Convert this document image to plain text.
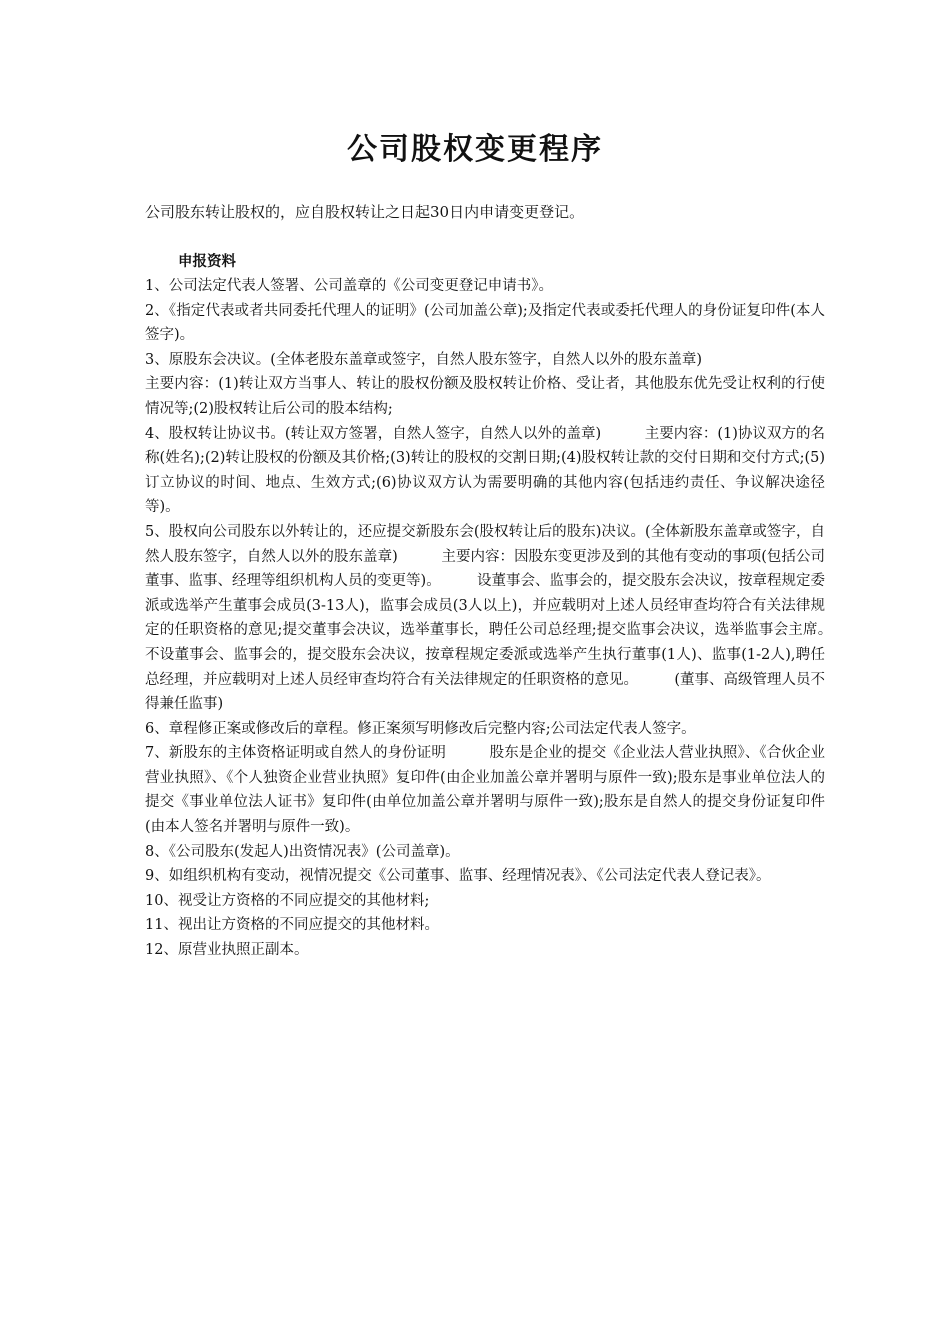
公司股权变更程序

公司股东转让股权的，应自股权转让之日起30日内申请变更登记。

申报资料

1、公司法定代表人签署、公司盖章的《公司变更登记申请书》。

2、《指定代表或者共同委托代理人的证明》(公司加盖公章);及指定代表或委托代理人的身份证复印件(本人签字)。

3、原股东会决议。(全体老股东盖章或签字，自然人股东签字，自然人以外的股东盖章)

主要内容：(1)转让双方当事人、转让的股权份额及股权转让价格、受让者，其他股东优先受让权利的行使情况等;(2)股权转让后公司的股本结构;

4、股权转让协议书。(转让双方签署，自然人签字，自然人以外的盖章)　　　主要内容：(1)协议双方的名称(姓名);(2)转让股权的份额及其价格;(3)转让的股权的交割日期;(4)股权转让款的交付日期和交付方式;(5)订立协议的时间、地点、生效方式;(6)协议双方认为需要明确的其他内容(包括违约责任、争议解决途径等)。

5、股权向公司股东以外转让的，还应提交新股东会(股权转让后的股东)决议。(全体新股东盖章或签字，自然人股东签字，自然人以外的股东盖章)　　　主要内容：因股东变更涉及到的其他有变动的事项(包括公司董事、监事、经理等组织机构人员的变更等)。　　　设董事会、监事会的，提交股东会决议，按章程规定委派或选举产生董事会成员(3-13人)，监事会成员(3人以上)，并应载明对上述人员经审查均符合有关法律规定的任职资格的意见;提交董事会决议，选举董事长，聘任公司总经理;提交监事会决议，选举监事会主席。　　　不设董事会、监事会的，提交股东会决议，按章程规定委派或选举产生执行董事(1人)、监事(1-2人),聘任总经理，并应载明对上述人员经审查均符合有关法律规定的任职资格的意见。　　　(董事、高级管理人员不得兼任监事)

6、章程修正案或修改后的章程。修正案须写明修改后完整内容;公司法定代表人签字。

7、新股东的主体资格证明或自然人的身份证明　　　股东是企业的提交《企业法人营业执照》、《合伙企业营业执照》、《个人独资企业营业执照》复印件(由企业加盖公章并署明与原件一致);股东是事业单位法人的提交《事业单位法人证书》复印件(由单位加盖公章并署明与原件一致);股东是自然人的提交身份证复印件(由本人签名并署明与原件一致)。

8、《公司股东(发起人)出资情况表》(公司盖章)。

9、如组织机构有变动，视情况提交《公司董事、监事、经理情况表》、《公司法定代表人登记表》。

10、视受让方资格的不同应提交的其他材料;

11、视出让方资格的不同应提交的其他材料。

12、原营业执照正副本。
